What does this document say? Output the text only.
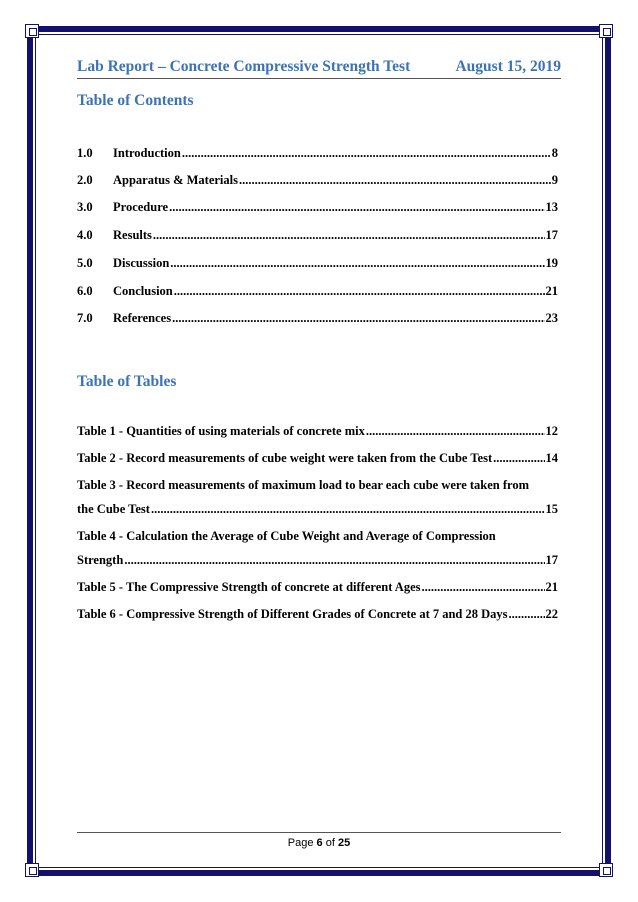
Lab Report – Concrete Compressive Strength Test	August 15, 2019
Table of Contents
1.0	Introduction .....	8
2.0	Apparatus & Materials .....	9
3.0	Procedure .....	13
4.0	Results .....	17
5.0	Discussion .....	19
6.0	Conclusion .....	21
7.0	References .....	23
Table of Tables
Table 1 - Quantities of using materials of concrete mix .....	12
Table 2 - Record measurements of cube weight were taken from the Cube Test .....	14
Table 3 - Record measurements of maximum load to bear each cube were taken from
the Cube Test .....	15
Table 4 - Calculation the Average of Cube Weight and Average of Compression
Strength .....	17
Table 5 - The Compressive Strength of concrete at different Ages .....	21
Table 6 - Compressive Strength of Different Grades of Concrete at 7 and 28 Days .....	22
Page 6 of 25
